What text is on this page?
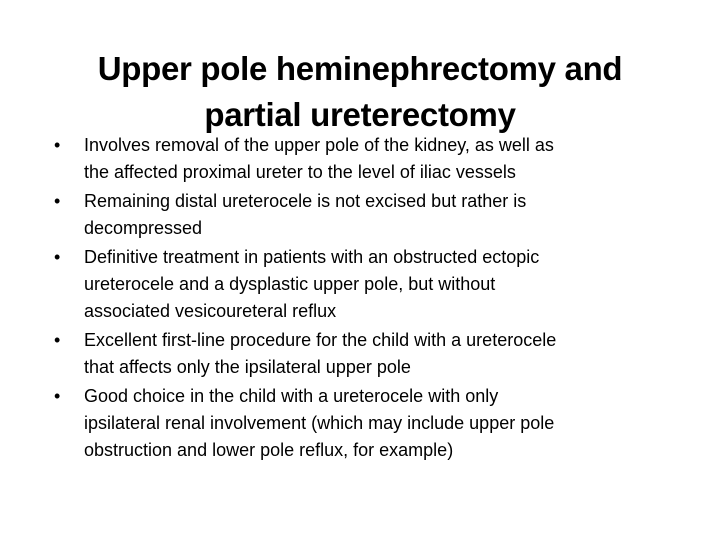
Upper pole heminephrectomy and
partial ureterectomy
•	Involves removal of the upper pole of the kidney, as well as
the affected proximal ureter to the level of iliac vessels
•	Remaining distal ureterocele is not excised but rather is
decompressed
•	Definitive treatment in patients with an obstructed ectopic
ureterocele and a dysplastic upper pole, but without
associated vesicoureteral reflux
•	Excellent first-line procedure for the child with a ureterocele
that affects only the ipsilateral upper pole
•	Good choice in the child with a ureterocele with only
ipsilateral renal involvement (which may include upper pole
obstruction and lower pole reflux, for example)
